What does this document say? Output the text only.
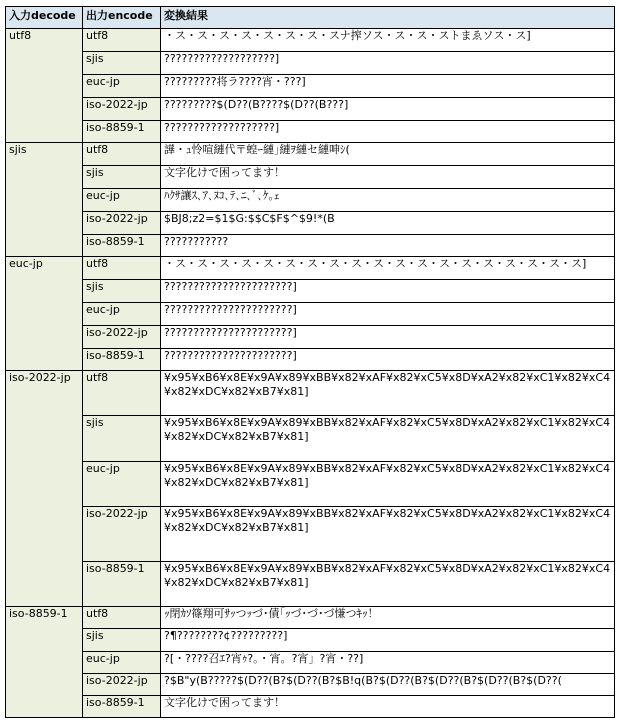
入力decode	出力encode	変換結果
utf8	utf8	・ス・ス・ス・ス・ス・ス・ス・スナ搾ソス・ス・ス・ストまゑソス・ス]
	sjis	???????????????????]
	euc-jp	?????????将ラ????宵・???]
	iso-2022-jp	?????????$(D??(B????$(D??(B???]
	iso-8859-1	???????????????????]
sjis	utf8	譁・ｭ怜喧縺代〒蝗ｰ縺｣縺ｦ縺セ縺呻ｼ(
	sjis	文字化けで困ってます！
	euc-jp	ﾊｸｻ讓ｽ､ｱ､ﾇｺ､ﾃ､ﾆ､ﾞ､ｹ｡ｪ
	iso-2022-jp	$BJ8;z2=$1$G:$$C$F$^$9!*(B
	iso-8859-1	???????????
euc-jp	utf8	・ス・ス・ス・ス・ス・ス・ス・ス・ス・ス・ス・ス・ス・ス・ス・ス・ス・ス・ス]
	sjis	??????????????????????]
	euc-jp	??????????????????????]
	iso-2022-jp	??????????????????????]
	iso-8859-1	??????????????????????]
iso-2022-jp	utf8	¥x95¥xB6¥x8E¥x9A¥x89¥xBB¥x82¥xAF¥x82¥xC5¥x8D¥xA2¥x82¥xC1¥x82¥xC4¥x82¥xDC¥x82¥xB7¥x81]
	sjis	¥x95¥xB6¥x8E¥x9A¥x89¥xBB¥x82¥xAF¥x82¥xC5¥x8D¥xA2¥x82¥xC1¥x82¥xC4¥x82¥xDC¥x82¥xB7¥x81]
	euc-jp	¥x95¥xB6¥x8E¥x9A¥x89¥xBB¥x82¥xAF¥x82¥xC5¥x8D¥xA2¥x82¥xC1¥x82¥xC4¥x82¥xDC¥x82¥xB7¥x81]
	iso-2022-jp	¥x95¥xB6¥x8E¥x9A¥x89¥xBB¥x82¥xAF¥x82¥xC5¥x8D¥xA2¥x82¥xC1¥x82¥xC4¥x82¥xDC¥x82¥xB7¥x81]
	iso-8859-1	¥x95¥xB6¥x8E¥x9A¥x89¥xBB¥x82¥xAF¥x82¥xC5¥x8D¥xA2¥x82¥xC1¥x82¥xC4¥x82¥xDC¥x82¥xB7¥x81]
iso-8859-1	utf8	ｯ閉ｶｿ篠翔可ｻｯつｯづ･債｢ｯづ･づ･づ慊つｷｯ！
	sjis	?¶????????¢?????????]
	euc-jp	?[・????召ｴ?宵ｩ?。・宵。?宵」?宵・??]
	iso-2022-jp	?$B"y(B?????$(D??(B?$(D??(B?$B!q(B?$(D??(B?$(D??(B?$(D??(B?$(D??(
	iso-8859-1	文字化けで困ってます！
